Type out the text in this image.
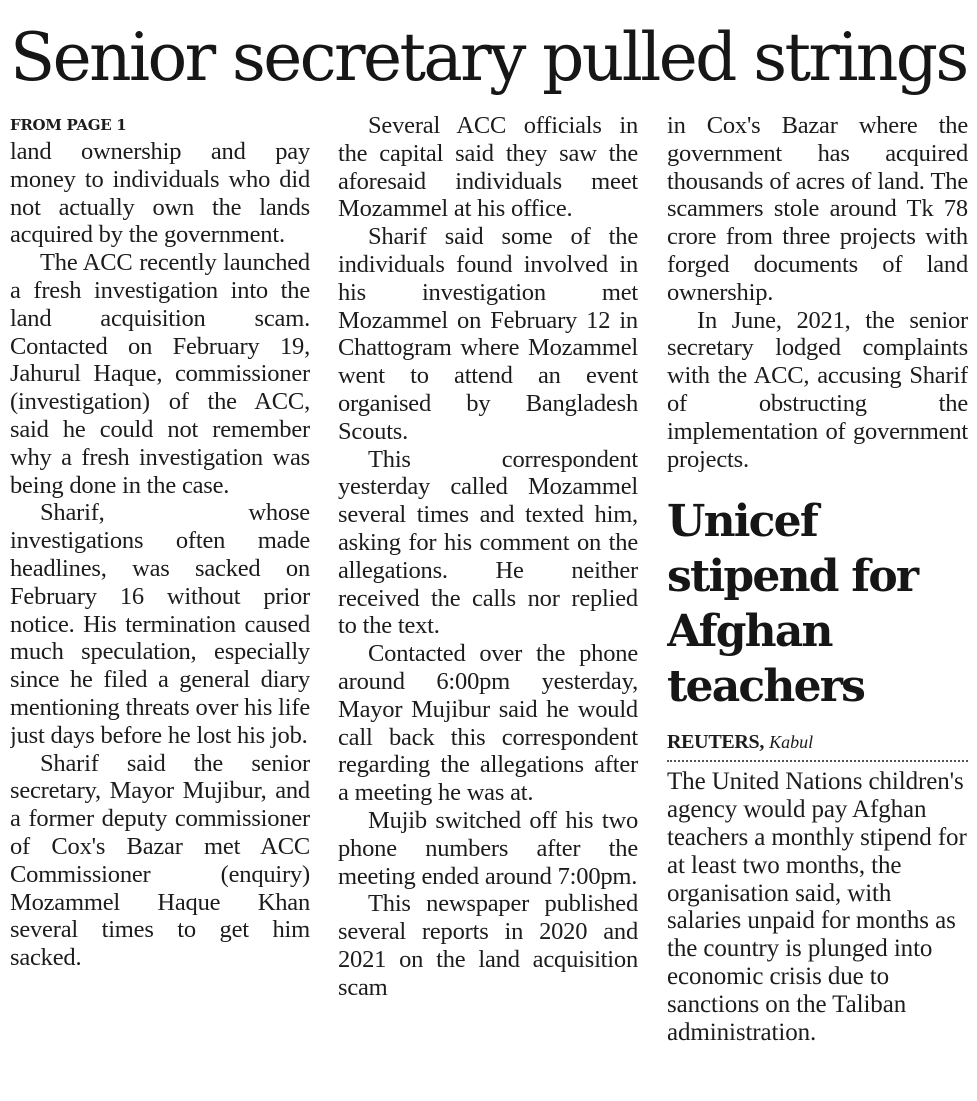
Senior secretary pulled strings
FROM PAGE 1

land ownership and pay money to individuals who did not actually own the lands acquired by the government.

The ACC recently launched a fresh investigation into the land acquisition scam. Contacted on February 19, Jahurul Haque, commissioner (investigation) of the ACC, said he could not remember why a fresh investigation was being done in the case.

Sharif, whose investigations often made headlines, was sacked on February 16 without prior notice. His termination caused much speculation, especially since he filed a general diary mentioning threats over his life just days before he lost his job.

Sharif said the senior secretary, Mayor Mujibur, and a former deputy commissioner of Cox's Bazar met ACC Commissioner (enquiry) Mozammel Haque Khan several times to get him sacked.

Several ACC officials in the capital said they saw the aforesaid individuals meet Mozammel at his office.

Sharif said some of the individuals found involved in his investigation met Mozammel on February 12 in Chattogram where Mozammel went to attend an event organised by Bangladesh Scouts.

This correspondent yesterday called Mozammel several times and texted him, asking for his comment on the allegations. He neither received the calls nor replied to the text.

Contacted over the phone around 6:00pm yesterday, Mayor Mujibur said he would call back this correspondent regarding the allegations after a meeting he was at.

Mujib switched off his two phone numbers after the meeting ended around 7:00pm.

This newspaper published several reports in 2020 and 2021 on the land acquisition scam

in Cox's Bazar where the government has acquired thousands of acres of land. The scammers stole around Tk 78 crore from three projects with forged documents of land ownership.

In June, 2021, the senior secretary lodged complaints with the ACC, accusing Sharif of obstructing the implementation of government projects.

Unicef stipend for Afghan teachers
REUTERS, Kabul

The United Nations children's agency would pay Afghan teachers a monthly stipend for at least two months, the organisation said, with salaries unpaid for months as the country is plunged into economic crisis due to sanctions on the Taliban administration.
